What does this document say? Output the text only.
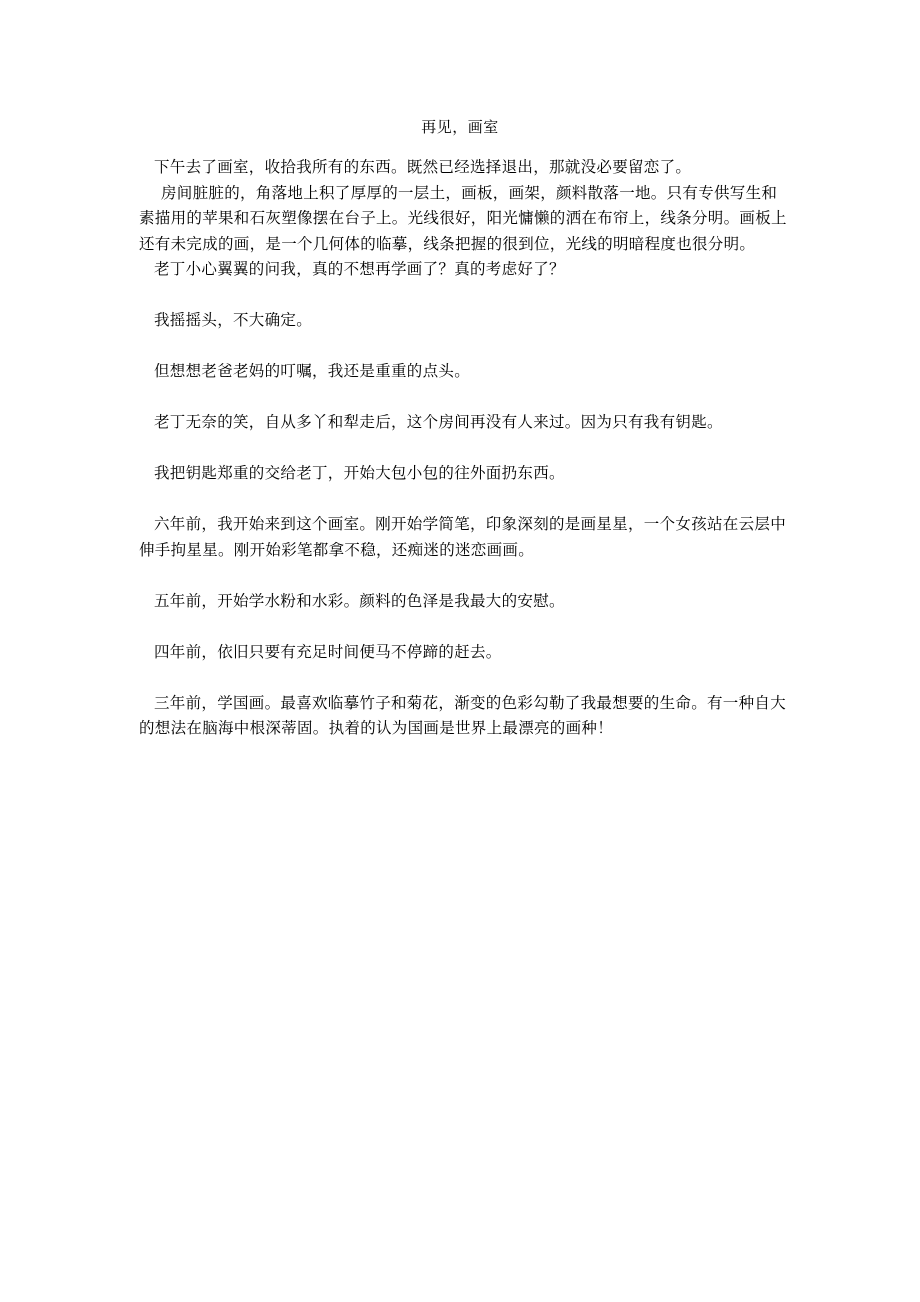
再见，画室

下午去了画室，收拾我所有的东西。既然已经选择退出，那就没必要留恋了。

房间脏脏的，角落地上积了厚厚的一层土，画板，画架，颜料散落一地。只有专供写生和素描用的苹果和石灰塑像摆在台子上。光线很好，阳光慵懒的洒在布帘上，线条分明。画板上还有未完成的画，是一个几何体的临摹，线条把握的很到位，光线的明暗程度也很分明。

老丁小心翼翼的问我，真的不想再学画了？真的考虑好了？

我摇摇头，不大确定。

但想想老爸老妈的叮嘱，我还是重重的点头。

老丁无奈的笑，自从多丫和犁走后，这个房间再没有人来过。因为只有我有钥匙。

我把钥匙郑重的交给老丁，开始大包小包的往外面扔东西。

六年前，我开始来到这个画室。刚开始学简笔，印象深刻的是画星星，一个女孩站在云层中伸手拘星星。刚开始彩笔都拿不稳，还痴迷的迷恋画画。

五年前，开始学水粉和水彩。颜料的色泽是我最大的安慰。

四年前，依旧只要有充足时间便马不停蹄的赶去。

三年前，学国画。最喜欢临摹竹子和菊花，渐变的色彩勾勒了我最想要的生命。有一种自大的想法在脑海中根深蒂固。执着的认为国画是世界上最漂亮的画种！
